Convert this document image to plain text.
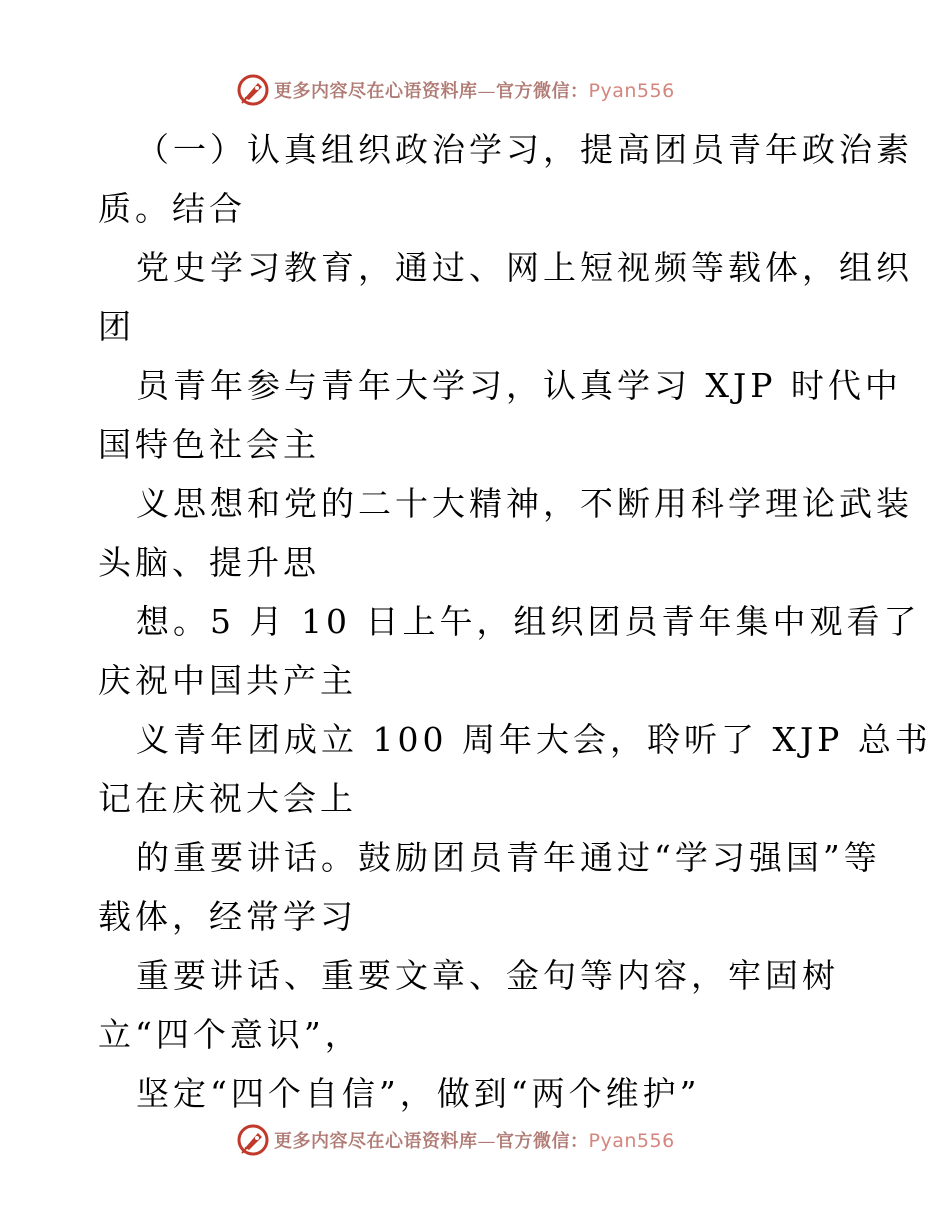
更多内容尽在心语资料库—官方微信：Pyan556
（一）认真组织政治学习，提高团员青年政治素
质。结合
党史学习教育，通过、网上短视频等载体，组织
团
员青年参与青年大学习，认真学习 XJP 时代中
国特色社会主
义思想和党的二十大精神，不断用科学理论武装
头脑、提升思
想。5 月 10 日上午，组织团员青年集中观看了
庆祝中国共产主
义青年团成立 100 周年大会，聆听了 XJP 总书
记在庆祝大会上
的重要讲话。鼓励团员青年通过“学习强国”等
载体，经常学习
重要讲话、重要文章、金句等内容，牢固树
立“四个意识”，
坚定“四个自信”，做到“两个维护”
更多内容尽在心语资料库—官方微信：Pyan556
